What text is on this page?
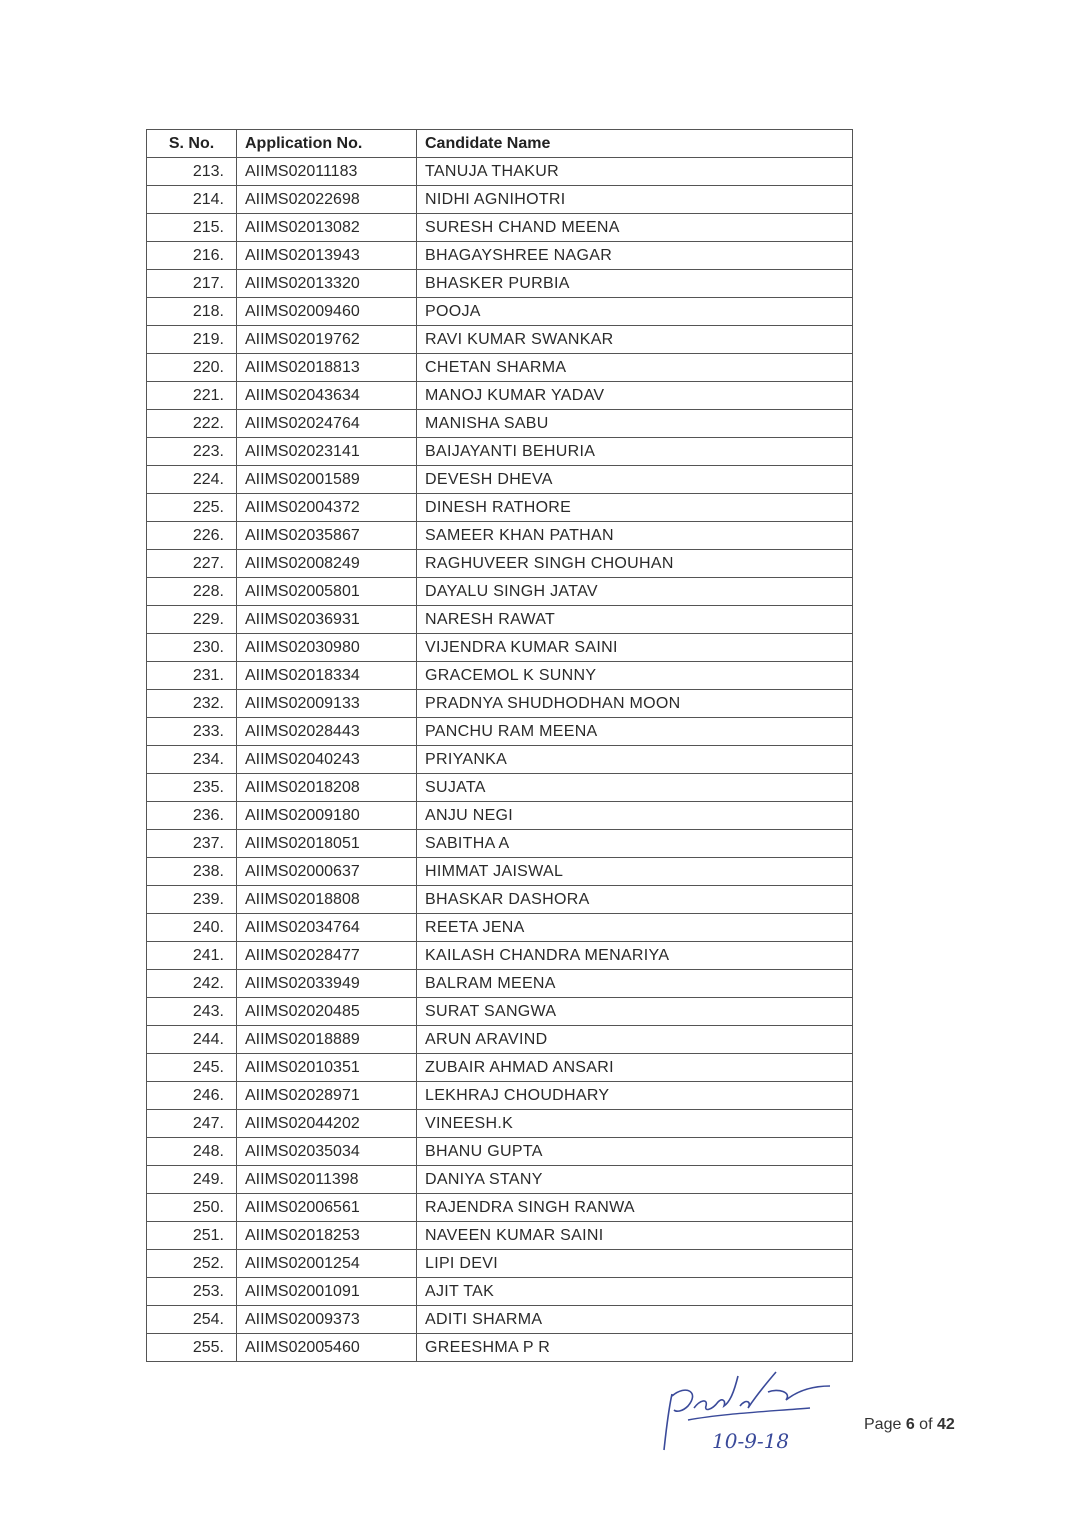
S. No.	Application No.	Candidate Name
213.	AIIMS02011183	TANUJA THAKUR
214.	AIIMS02022698	NIDHI AGNIHOTRI
215.	AIIMS02013082	SURESH CHAND MEENA
216.	AIIMS02013943	BHAGAYSHREE NAGAR
217.	AIIMS02013320	BHASKER PURBIA
218.	AIIMS02009460	POOJA
219.	AIIMS02019762	RAVI KUMAR SWANKAR
220.	AIIMS02018813	CHETAN SHARMA
221.	AIIMS02043634	MANOJ KUMAR YADAV
222.	AIIMS02024764	MANISHA SABU
223.	AIIMS02023141	BAIJAYANTI BEHURIA
224.	AIIMS02001589	DEVESH DHEVA
225.	AIIMS02004372	DINESH RATHORE
226.	AIIMS02035867	SAMEER KHAN PATHAN
227.	AIIMS02008249	RAGHUVEER SINGH CHOUHAN
228.	AIIMS02005801	DAYALU SINGH JATAV
229.	AIIMS02036931	NARESH RAWAT
230.	AIIMS02030980	VIJENDRA KUMAR SAINI
231.	AIIMS02018334	GRACEMOL K SUNNY
232.	AIIMS02009133	PRADNYA SHUDHODHAN MOON
233.	AIIMS02028443	PANCHU RAM MEENA
234.	AIIMS02040243	PRIYANKA
235.	AIIMS02018208	SUJATA
236.	AIIMS02009180	ANJU NEGI
237.	AIIMS02018051	SABITHA A
238.	AIIMS02000637	HIMMAT JAISWAL
239.	AIIMS02018808	BHASKAR DASHORA
240.	AIIMS02034764	REETA JENA
241.	AIIMS02028477	KAILASH CHANDRA MENARIYA
242.	AIIMS02033949	BALRAM MEENA
243.	AIIMS02020485	SURAT SANGWA
244.	AIIMS02018889	ARUN ARAVIND
245.	AIIMS02010351	ZUBAIR AHMAD ANSARI
246.	AIIMS02028971	LEKHRAJ CHOUDHARY
247.	AIIMS02044202	VINEESH.K
248.	AIIMS02035034	BHANU GUPTA
249.	AIIMS02011398	DANIYA STANY
250.	AIIMS02006561	RAJENDRA SINGH RANWA
251.	AIIMS02018253	NAVEEN KUMAR SAINI
252.	AIIMS02001254	LIPI DEVI
253.	AIIMS02001091	AJIT TAK
254.	AIIMS02009373	ADITI SHARMA
255.	AIIMS02005460	GREESHMA P R
10-9-18
Page 6 of 42
